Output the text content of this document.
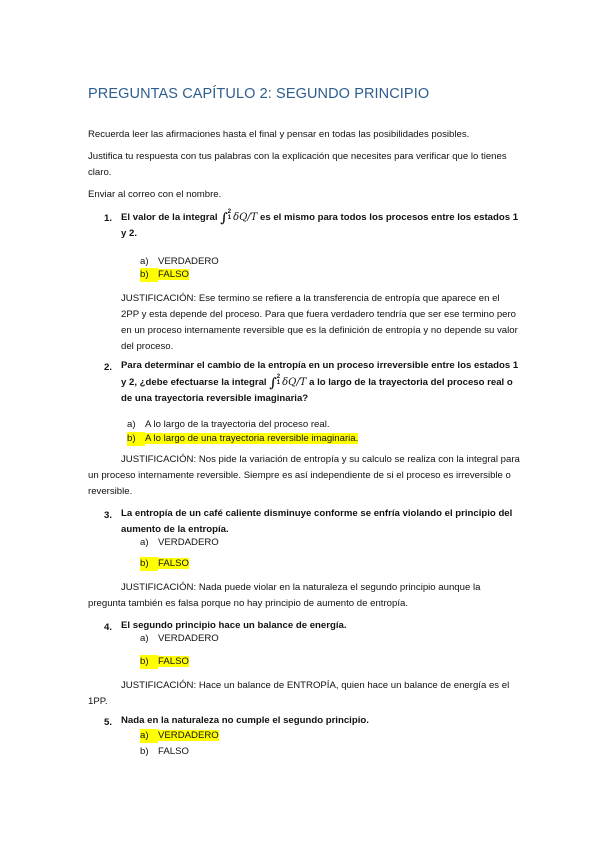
PREGUNTAS CAPÍTULO 2: SEGUNDO PRINCIPIO
Recuerda leer las afirmaciones hasta el final y pensar en todas las posibilidades posibles.
Justifica tu respuesta con tus palabras con la explicación que necesites para verificar que lo tienes claro.
Enviar al correo con el nombre.
1. El valor de la integral ∫2
1 δQ/T es el mismo para todos los procesos entre los estados 1 y 2.
a) VERDADERO
b) FALSO
JUSTIFICACIÓN: Ese termino se refiere a la transferencia de entropía que aparece en el 2PP y esta depende del proceso. Para que fuera verdadero tendría que ser ese termino pero en un proceso internamente reversible que es la definición de entropía y no depende su valor del proceso.
2. Para determinar el cambio de la entropía en un proceso irreversible entre los estados 1 y 2, ¿debe efectuarse la integral ∫2
1 δQ/T a lo largo de la trayectoria del proceso real o de una trayectoria reversible imaginaria?
a) A lo largo de la trayectoria del proceso real.
b) A lo largo de una trayectoria reversible imaginaria.
JUSTIFICACIÓN: Nos pide la variación de entropía y su calculo se realiza con la integral para un proceso internamente reversible. Siempre es así independiente de si el proceso es irreversible o reversible.
3. La entropía de un café caliente disminuye conforme se enfría violando el principio del aumento de la entropía.
a) VERDADERO
b) FALSO
JUSTIFICACIÓN: Nada puede violar en la naturaleza el segundo principio aunque la pregunta también es falsa porque no hay principio de aumento de entropía.
4. El segundo principio hace un balance de energía.
a) VERDADERO
b) FALSO
JUSTIFICACIÓN: Hace un balance de ENTROPÍA, quien hace un balance de energía es el 1PP.
5. Nada en la naturaleza no cumple el segundo principio.
a) VERDADERO
b) FALSO
